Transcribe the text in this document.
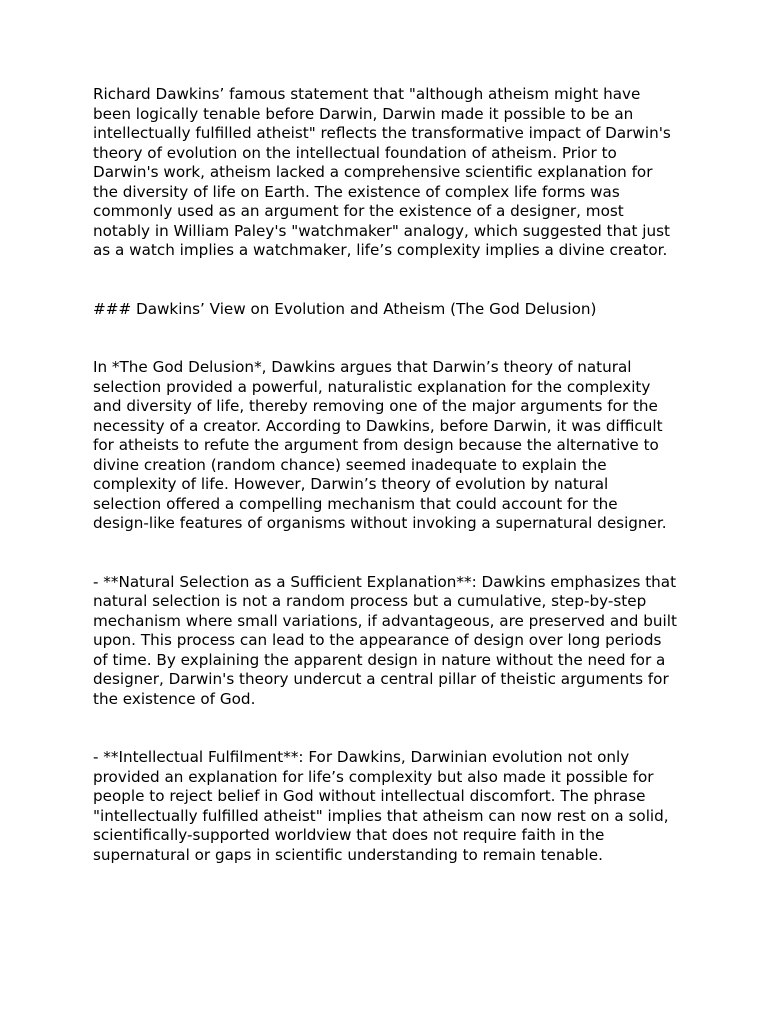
Richard Dawkins’ famous statement that "although atheism might have been logically tenable before Darwin, Darwin made it possible to be an intellectually fulfilled atheist" reflects the transformative impact of Darwin's theory of evolution on the intellectual foundation of atheism. Prior to Darwin's work, atheism lacked a comprehensive scientific explanation for the diversity of life on Earth. The existence of complex life forms was commonly used as an argument for the existence of a designer, most notably in William Paley's "watchmaker" analogy, which suggested that just as a watch implies a watchmaker, life’s complexity implies a divine creator.

### Dawkins’ View on Evolution and Atheism (The God Delusion)

In *The God Delusion*, Dawkins argues that Darwin’s theory of natural selection provided a powerful, naturalistic explanation for the complexity and diversity of life, thereby removing one of the major arguments for the necessity of a creator. According to Dawkins, before Darwin, it was difficult for atheists to refute the argument from design because the alternative to divine creation (random chance) seemed inadequate to explain the complexity of life. However, Darwin’s theory of evolution by natural selection offered a compelling mechanism that could account for the design-like features of organisms without invoking a supernatural designer.

- **Natural Selection as a Sufficient Explanation**: Dawkins emphasizes that natural selection is not a random process but a cumulative, step-by-step mechanism where small variations, if advantageous, are preserved and built upon. This process can lead to the appearance of design over long periods of time. By explaining the apparent design in nature without the need for a designer, Darwin's theory undercut a central pillar of theistic arguments for the existence of God.

- **Intellectual Fulfilment**: For Dawkins, Darwinian evolution not only provided an explanation for life’s complexity but also made it possible for people to reject belief in God without intellectual discomfort. The phrase "intellectually fulfilled atheist" implies that atheism can now rest on a solid, scientifically-supported worldview that does not require faith in the supernatural or gaps in scientific understanding to remain tenable.
